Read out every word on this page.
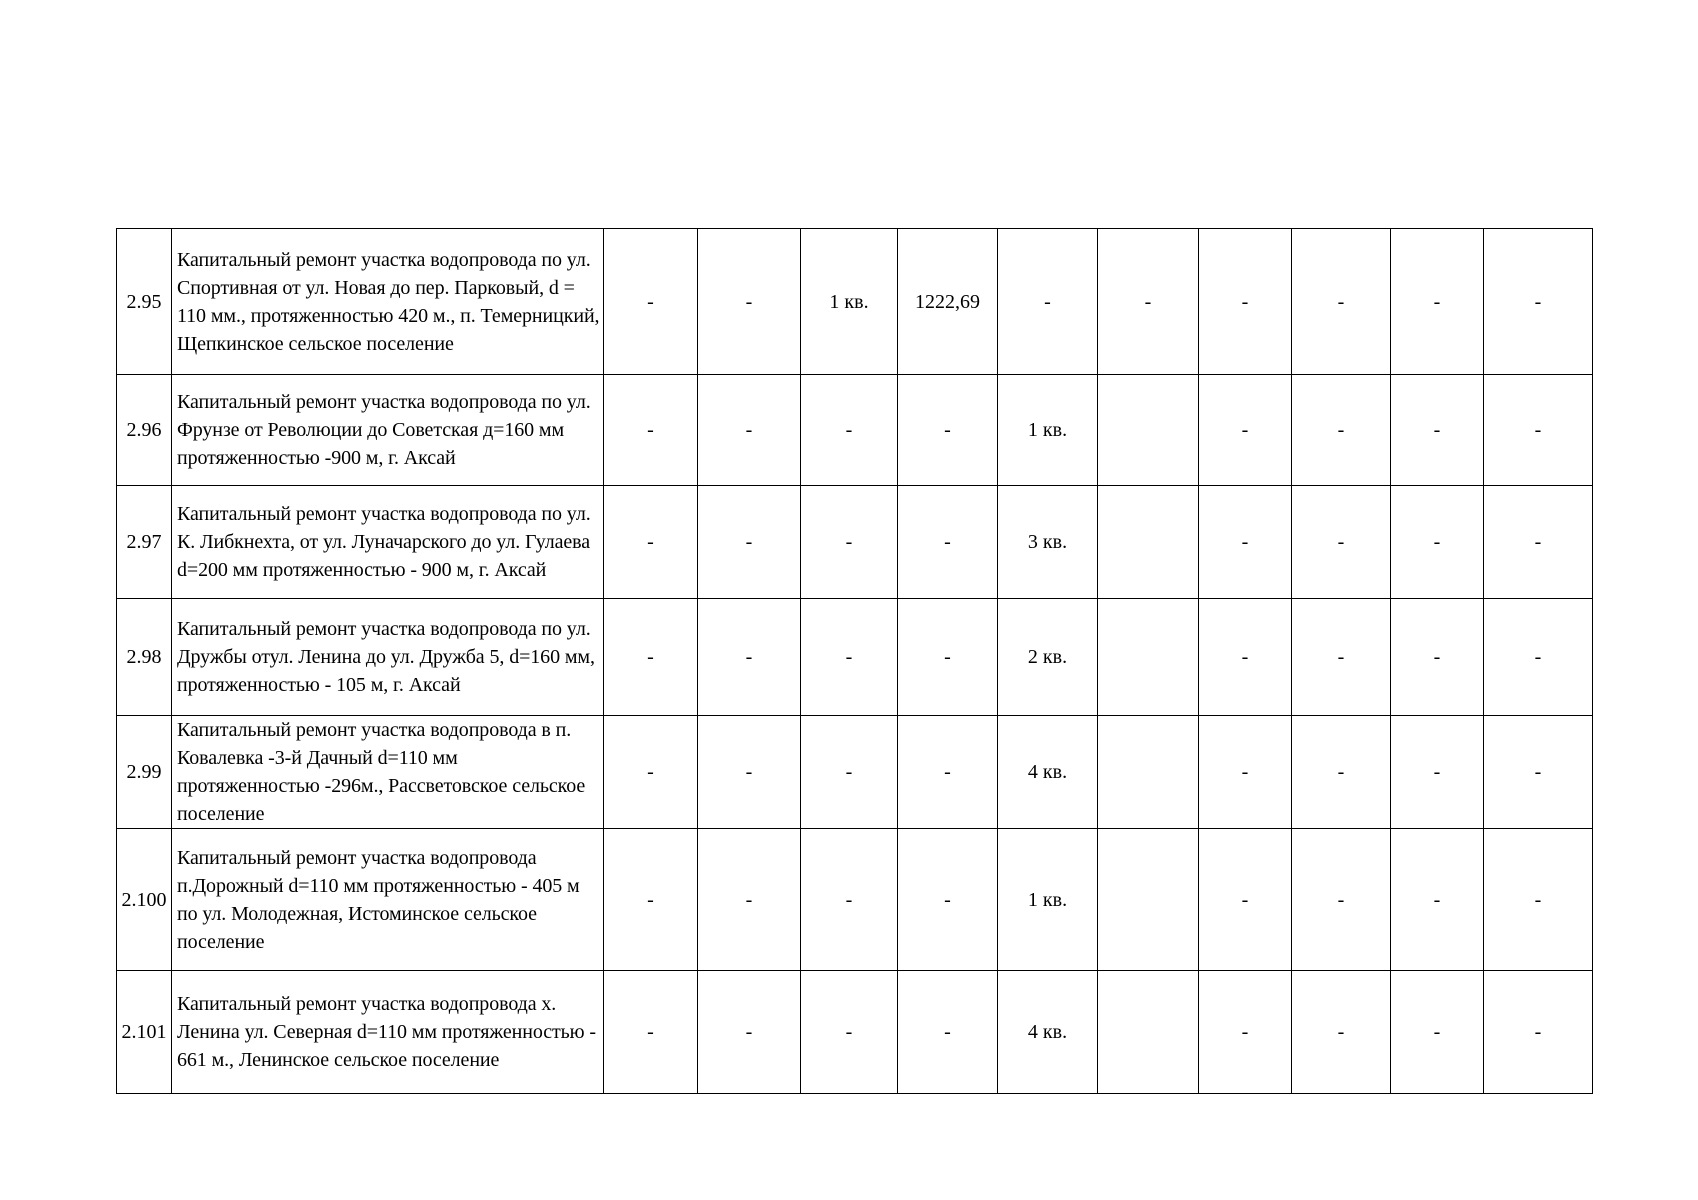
2.95	Капитальный ремонт участка водопровода по ул. Спортивная от ул. Новая до пер. Парковый, d = 110 мм., протяженностью 420 м., п. Темерницкий, Щепкинское сельское поселение	-	-	1 кв.	1222,69	-	-	-	-	-	-
2.96	Капитальный ремонт участка водопровода по ул. Фрунзе от Революции до Советская д=160 мм протяженностью -900 м, г. Аксай	-	-	-	-	1 кв.		-	-	-	-
2.97	Капитальный ремонт участка водопровода по ул. К. Либкнехта, от ул. Луначарского до ул. Гулаева d=200 мм протяженностью - 900 м, г. Аксай	-	-	-	-	3 кв.		-	-	-	-
2.98	Капитальный ремонт участка водопровода по ул. Дружбы отул. Ленина до ул. Дружба 5, d=160 мм, протяженностью - 105 м, г. Аксай	-	-	-	-	2 кв.		-	-	-	-
2.99	Капитальный ремонт участка водопровода в п. Ковалевка -3-й Дачный d=110 мм протяженностью -296м., Рассветовское сельское поселение	-	-	-	-	4 кв.		-	-	-	-
2.100	Капитальный ремонт участка водопровода п.Дорожный d=110 мм протяженностью - 405 м по ул. Молодежная, Истоминское сельское поселение	-	-	-	-	1 кв.		-	-	-	-
2.101	Капитальный ремонт участка водопровода х. Ленина ул. Северная d=110 мм протяженностью - 661 м., Ленинское сельское поселение	-	-	-	-	4 кв.		-	-	-	-
